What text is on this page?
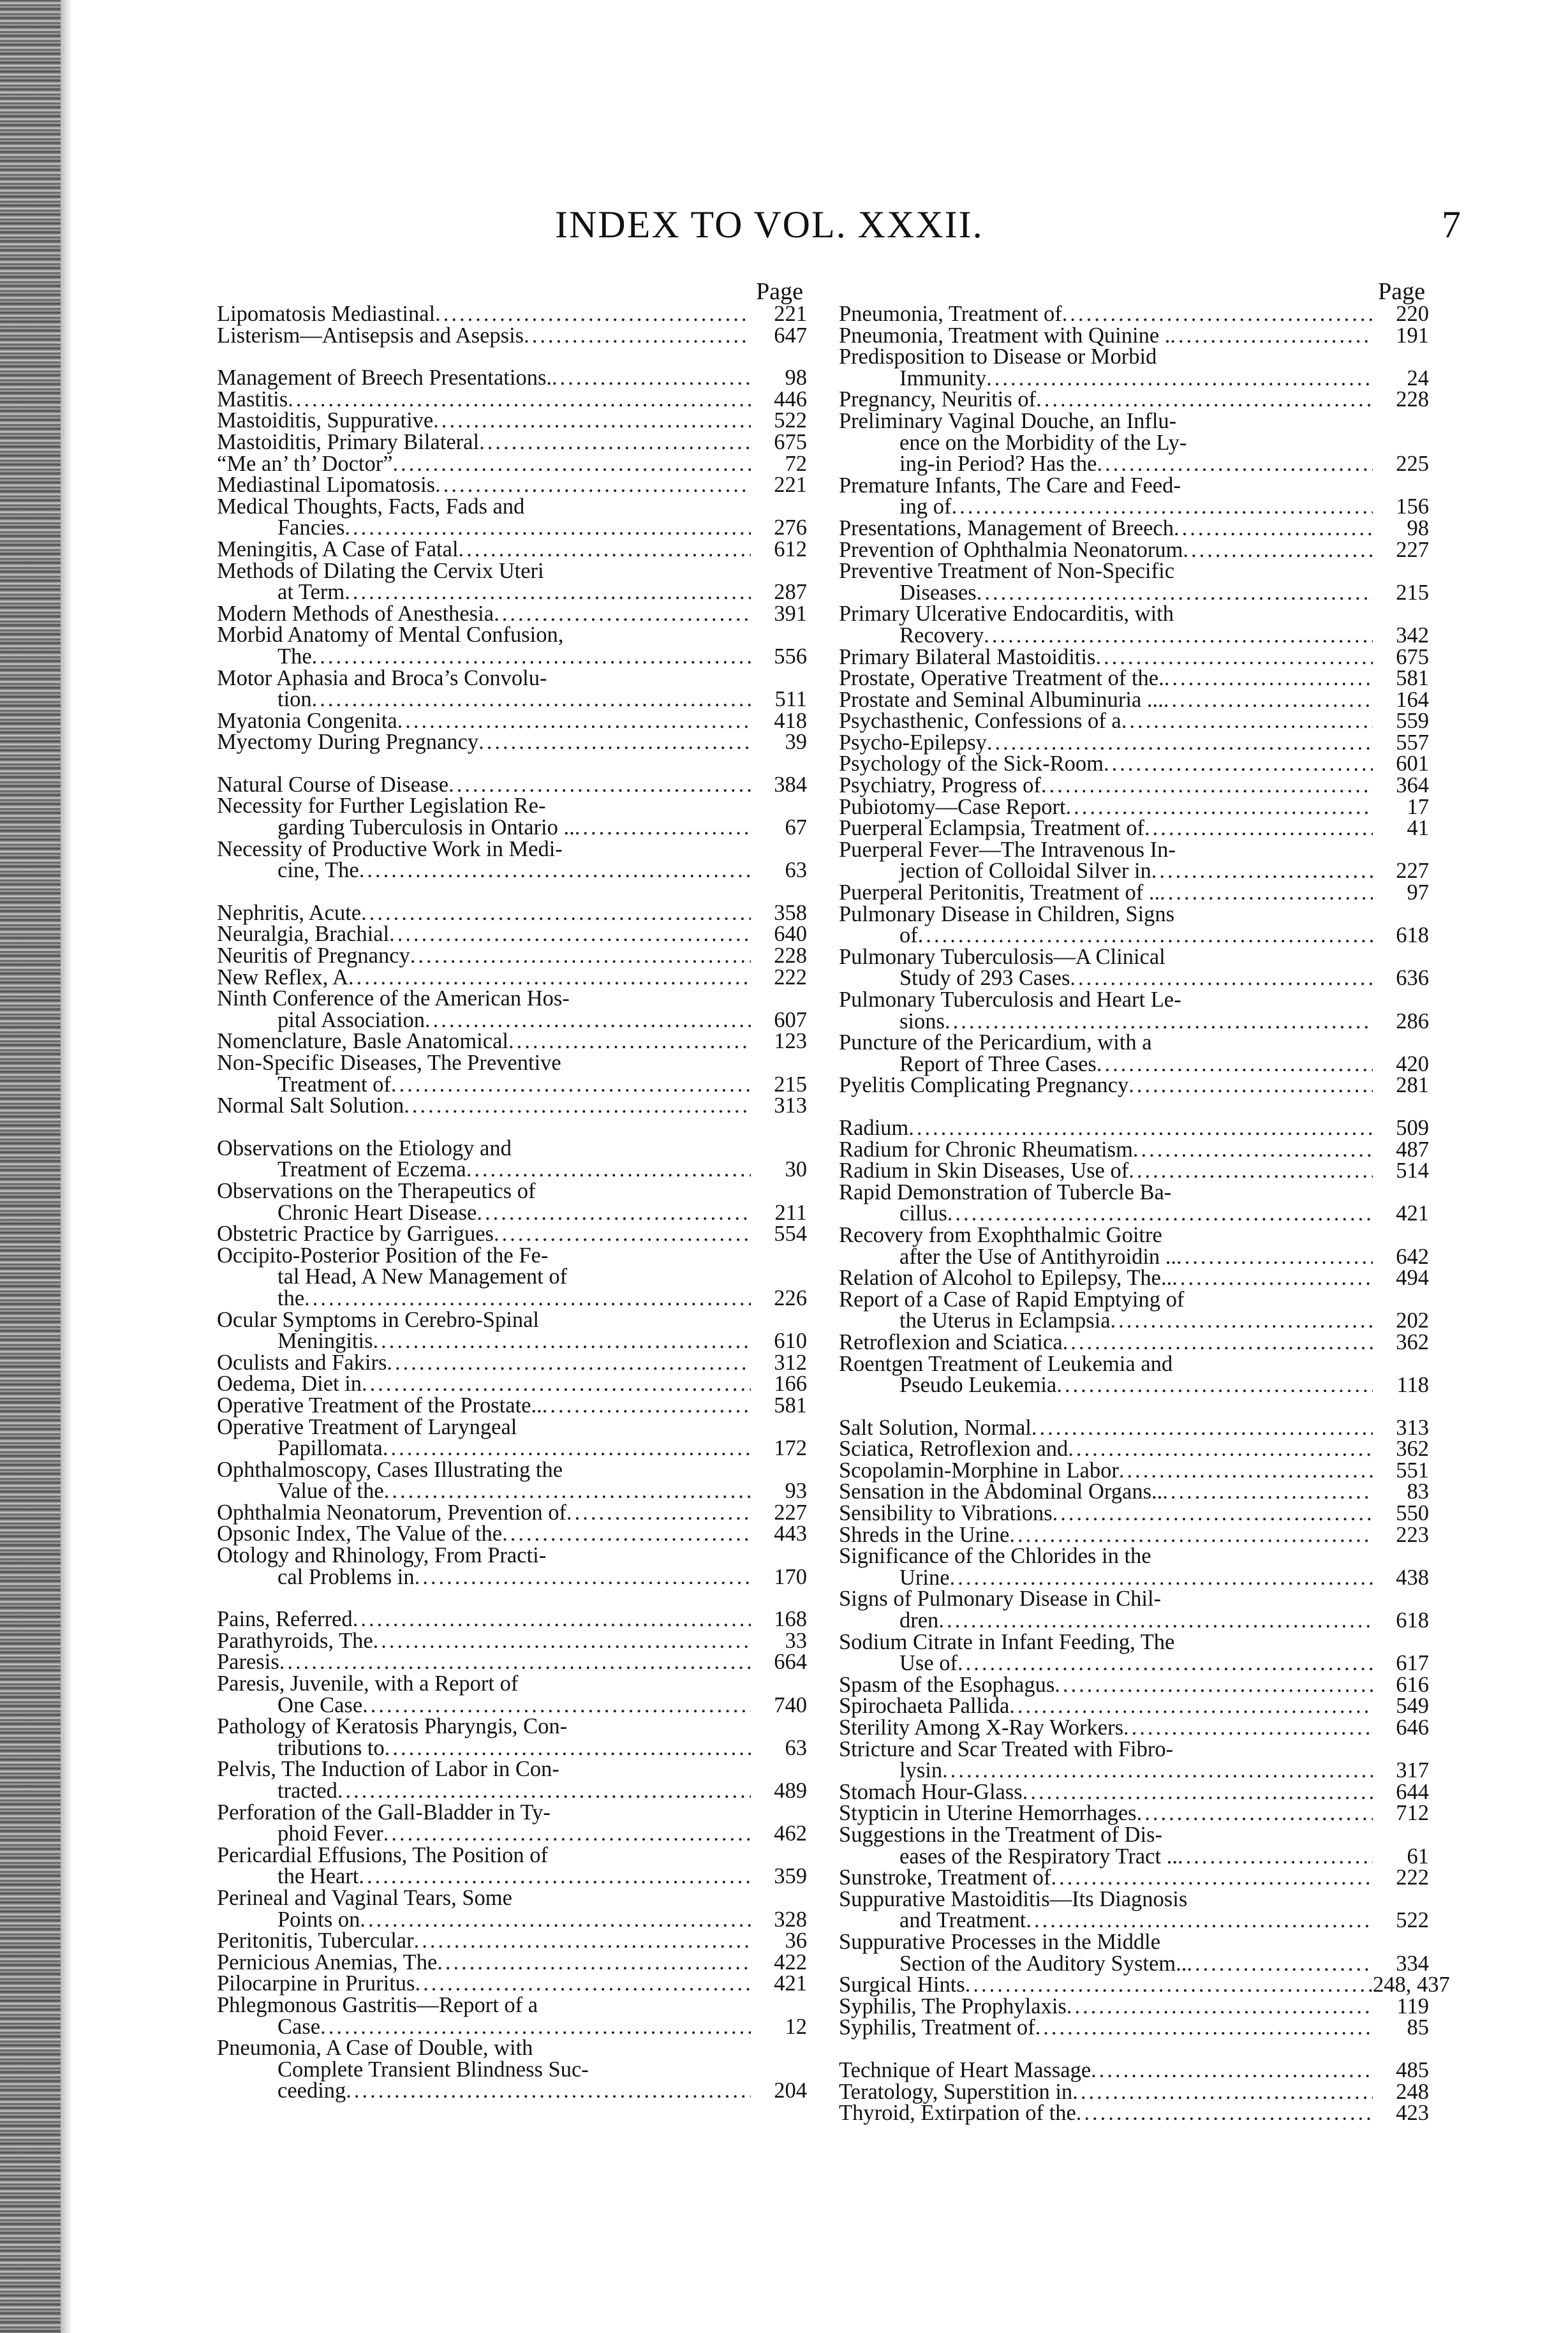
INDEX TO VOL. XXXII.	7
Page
Lipomatosis Mediastinal .....	221
Listerism—Antisepsis and Asepsis .....	647
Management of Breech Presentations. .....	98
Mastitis .....	446
Mastoiditis, Suppurative .....	522
Mastoiditis, Primary Bilateral .....	675
“Me an’ th’ Doctor” .....	72
Mediastinal Lipomatosis .....	221
Medical Thoughts, Facts, Fads and
Fancies .....	276
Meningitis, A Case of Fatal .....	612
Methods of Dilating the Cervix Uteri
at Term .....	287
Modern Methods of Anesthesia .....	391
Morbid Anatomy of Mental Confusion,
The .....	556
Motor Aphasia and Broca’s Convolu-
tion .....	511
Myatonia Congenita .....	418
Myectomy During Pregnancy .....	39
Natural Course of Disease .....	384
Necessity for Further Legislation Re-
garding Tuberculosis in Ontario .. .....	67
Necessity of Productive Work in Medi-
cine, The .....	63
Nephritis, Acute .....	358
Neuralgia, Brachial .....	640
Neuritis of Pregnancy .....	228
New Reflex, A .....	222
Ninth Conference of the American Hos-
pital Association .....	607
Nomenclature, Basle Anatomical .....	123
Non-Specific Diseases, The Preventive
Treatment of .....	215
Normal Salt Solution .....	313
Observations on the Etiology and
Treatment of Eczema .....	30
Observations on the Therapeutics of
Chronic Heart Disease .....	211
Obstetric Practice by Garrigues .....	554
Occipito-Posterior Position of the Fe-
tal Head, A New Management of
the .....	226
Ocular Symptoms in Cerebro-Spinal
Meningitis .....	610
Oculists and Fakirs .....	312
Oedema, Diet in .....	166
Operative Treatment of the Prostate.. .....	581
Operative Treatment of Laryngeal
Papillomata .....	172
Ophthalmoscopy, Cases Illustrating the
Value of the .....	93
Ophthalmia Neonatorum, Prevention of .....	227
Opsonic Index, The Value of the .....	443
Otology and Rhinology, From Practi-
cal Problems in .....	170
Pains, Referred .....	168
Parathyroids, The .....	33
Paresis .....	664
Paresis, Juvenile, with a Report of
One Case .....	740
Pathology of Keratosis Pharyngis, Con-
tributions to .....	63
Pelvis, The Induction of Labor in Con-
tracted .....	489
Perforation of the Gall-Bladder in Ty-
phoid Fever .....	462
Pericardial Effusions, The Position of
the Heart .....	359
Perineal and Vaginal Tears, Some
Points on .....	328
Peritonitis, Tubercular .....	36
Pernicious Anemias, The .....	422
Pilocarpine in Pruritus .....	421
Phlegmonous Gastritis—Report of a
Case .....	12
Pneumonia, A Case of Double, with
Complete Transient Blindness Suc-
ceeding .....	204
Page
Pneumonia, Treatment of .....	220
Pneumonia, Treatment with Quinine . .....	191
Predisposition to Disease or Morbid
Immunity .....	24
Pregnancy, Neuritis of .....	228
Preliminary Vaginal Douche, an Influ-
ence on the Morbidity of the Ly-
ing-in Period? Has the .....	225
Premature Infants, The Care and Feed-
ing of .....	156
Presentations, Management of Breech .....	98
Prevention of Ophthalmia Neonatorum .....	227
Preventive Treatment of Non-Specific
Diseases .....	215
Primary Ulcerative Endocarditis, with
Recovery .....	342
Primary Bilateral Mastoiditis .....	675
Prostate, Operative Treatment of the. .....	581
Prostate and Seminal Albuminuria ... .....	164
Psychasthenic, Confessions of a .....	559
Psycho-Epilepsy .....	557
Psychology of the Sick-Room .....	601
Psychiatry, Progress of .....	364
Pubiotomy—Case Report .....	17
Puerperal Eclampsia, Treatment of .....	41
Puerperal Fever—The Intravenous In-
jection of Colloidal Silver in .....	227
Puerperal Peritonitis, Treatment of .. .....	97
Pulmonary Disease in Children, Signs
of .....	618
Pulmonary Tuberculosis—A Clinical
Study of 293 Cases .....	636
Pulmonary Tuberculosis and Heart Le-
sions .....	286
Puncture of the Pericardium, with a
Report of Three Cases .....	420
Pyelitis Complicating Pregnancy .....	281
Radium .....	509
Radium for Chronic Rheumatism .....	487
Radium in Skin Diseases, Use of .....	514
Rapid Demonstration of Tubercle Ba-
cillus .....	421
Recovery from Exophthalmic Goitre
after the Use of Antithyroidin .. .....	642
Relation of Alcohol to Epilepsy, The.. .....	494
Report of a Case of Rapid Emptying of
the Uterus in Eclampsia .....	202
Retroflexion and Sciatica .....	362
Roentgen Treatment of Leukemia and
Pseudo Leukemia .....	118
Salt Solution, Normal .....	313
Sciatica, Retroflexion and .....	362
Scopolamin-Morphine in Labor .....	551
Sensation in the Abdominal Organs.. .....	83
Sensibility to Vibrations .....	550
Shreds in the Urine .....	223
Significance of the Chlorides in the
Urine .....	438
Signs of Pulmonary Disease in Chil-
dren .....	618
Sodium Citrate in Infant Feeding, The
Use of .....	617
Spasm of the Esophagus .....	616
Spirochaeta Pallida .....	549
Sterility Among X-Ray Workers .....	646
Stricture and Scar Treated with Fibro-
lysin .....	317
Stomach Hour-Glass .....	644
Stypticin in Uterine Hemorrhages .....	712
Suggestions in the Treatment of Dis-
eases of the Respiratory Tract .. .....	61
Sunstroke, Treatment of .....	222
Suppurative Mastoiditis—Its Diagnosis
and Treatment .....	522
Suppurative Processes in the Middle
Section of the Auditory System.. .....	334
Surgical Hints .....	248, 437
Syphilis, The Prophylaxis .....	119
Syphilis, Treatment of .....	85
Technique of Heart Massage .....	485
Teratology, Superstition in .....	248
Thyroid, Extirpation of the .....	423
